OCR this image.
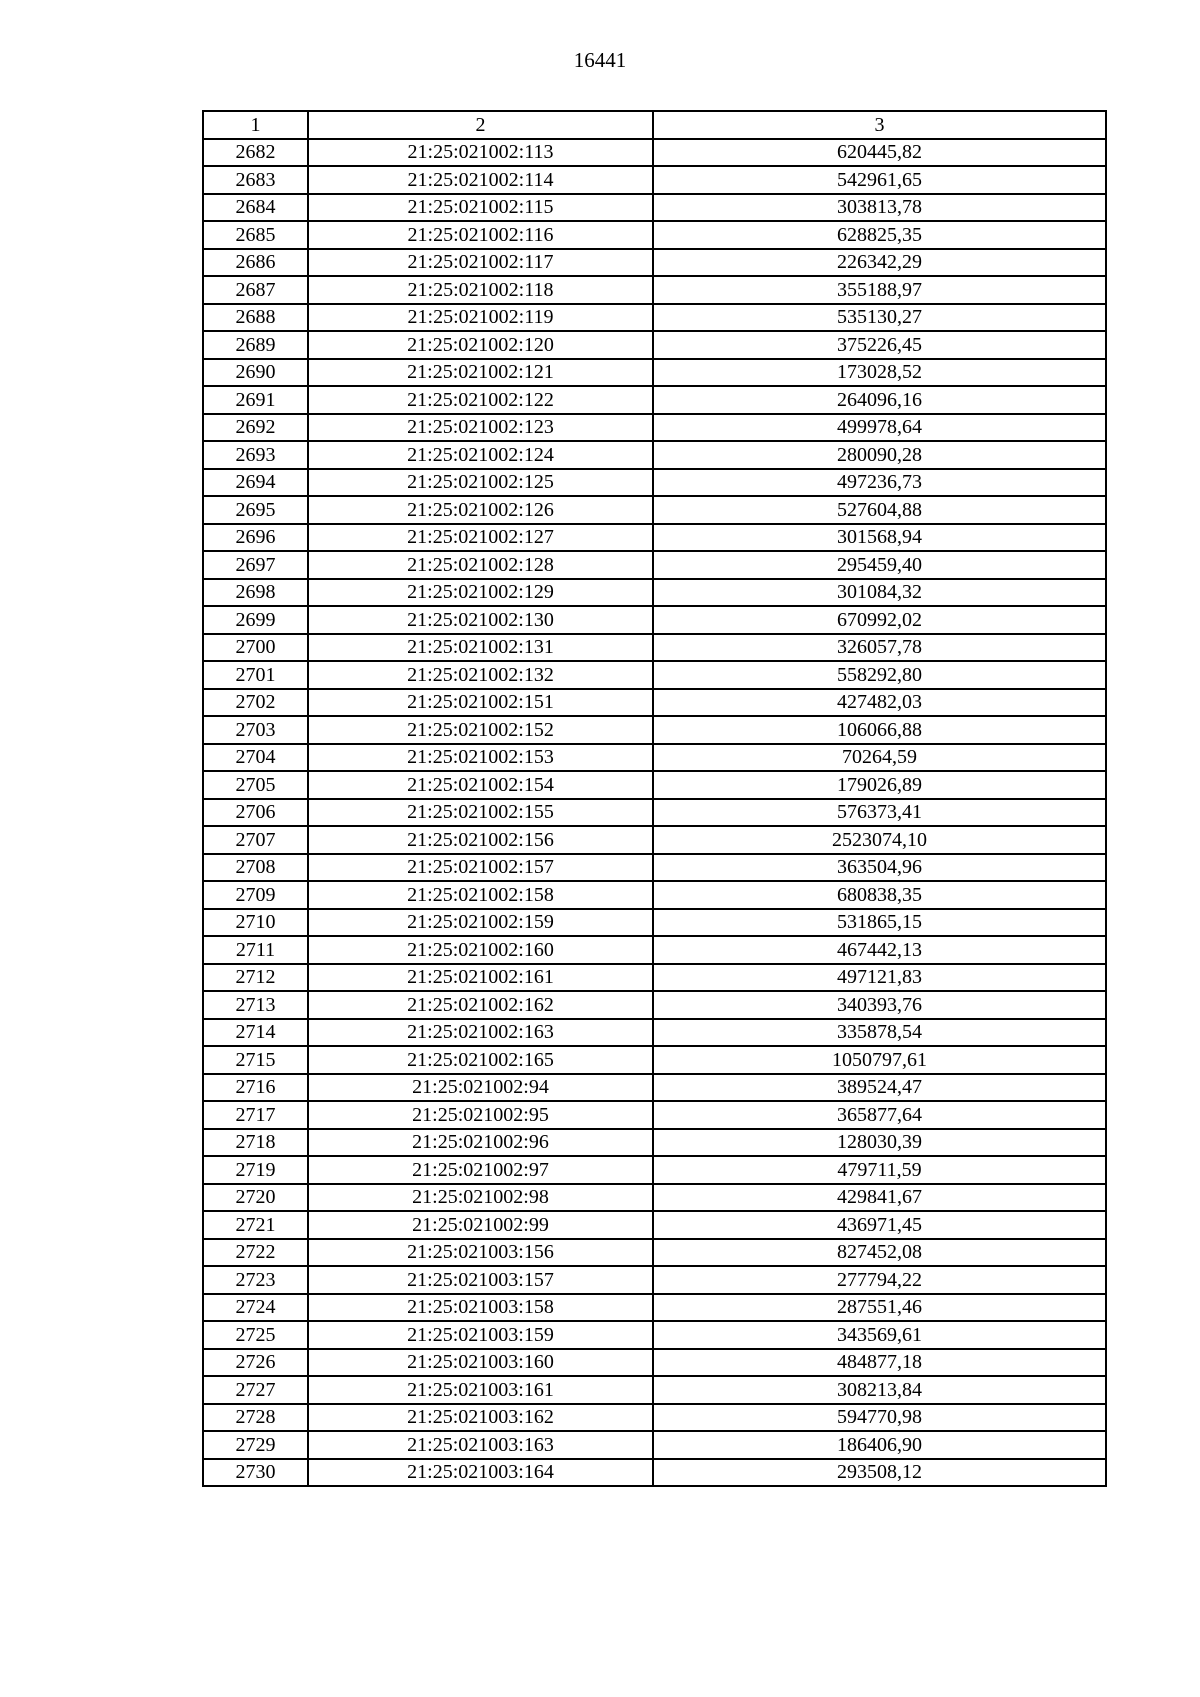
16441
1	2	3
2682	21:25:021002:113	620445,82
2683	21:25:021002:114	542961,65
2684	21:25:021002:115	303813,78
2685	21:25:021002:116	628825,35
2686	21:25:021002:117	226342,29
2687	21:25:021002:118	355188,97
2688	21:25:021002:119	535130,27
2689	21:25:021002:120	375226,45
2690	21:25:021002:121	173028,52
2691	21:25:021002:122	264096,16
2692	21:25:021002:123	499978,64
2693	21:25:021002:124	280090,28
2694	21:25:021002:125	497236,73
2695	21:25:021002:126	527604,88
2696	21:25:021002:127	301568,94
2697	21:25:021002:128	295459,40
2698	21:25:021002:129	301084,32
2699	21:25:021002:130	670992,02
2700	21:25:021002:131	326057,78
2701	21:25:021002:132	558292,80
2702	21:25:021002:151	427482,03
2703	21:25:021002:152	106066,88
2704	21:25:021002:153	70264,59
2705	21:25:021002:154	179026,89
2706	21:25:021002:155	576373,41
2707	21:25:021002:156	2523074,10
2708	21:25:021002:157	363504,96
2709	21:25:021002:158	680838,35
2710	21:25:021002:159	531865,15
2711	21:25:021002:160	467442,13
2712	21:25:021002:161	497121,83
2713	21:25:021002:162	340393,76
2714	21:25:021002:163	335878,54
2715	21:25:021002:165	1050797,61
2716	21:25:021002:94	389524,47
2717	21:25:021002:95	365877,64
2718	21:25:021002:96	128030,39
2719	21:25:021002:97	479711,59
2720	21:25:021002:98	429841,67
2721	21:25:021002:99	436971,45
2722	21:25:021003:156	827452,08
2723	21:25:021003:157	277794,22
2724	21:25:021003:158	287551,46
2725	21:25:021003:159	343569,61
2726	21:25:021003:160	484877,18
2727	21:25:021003:161	308213,84
2728	21:25:021003:162	594770,98
2729	21:25:021003:163	186406,90
2730	21:25:021003:164	293508,12
